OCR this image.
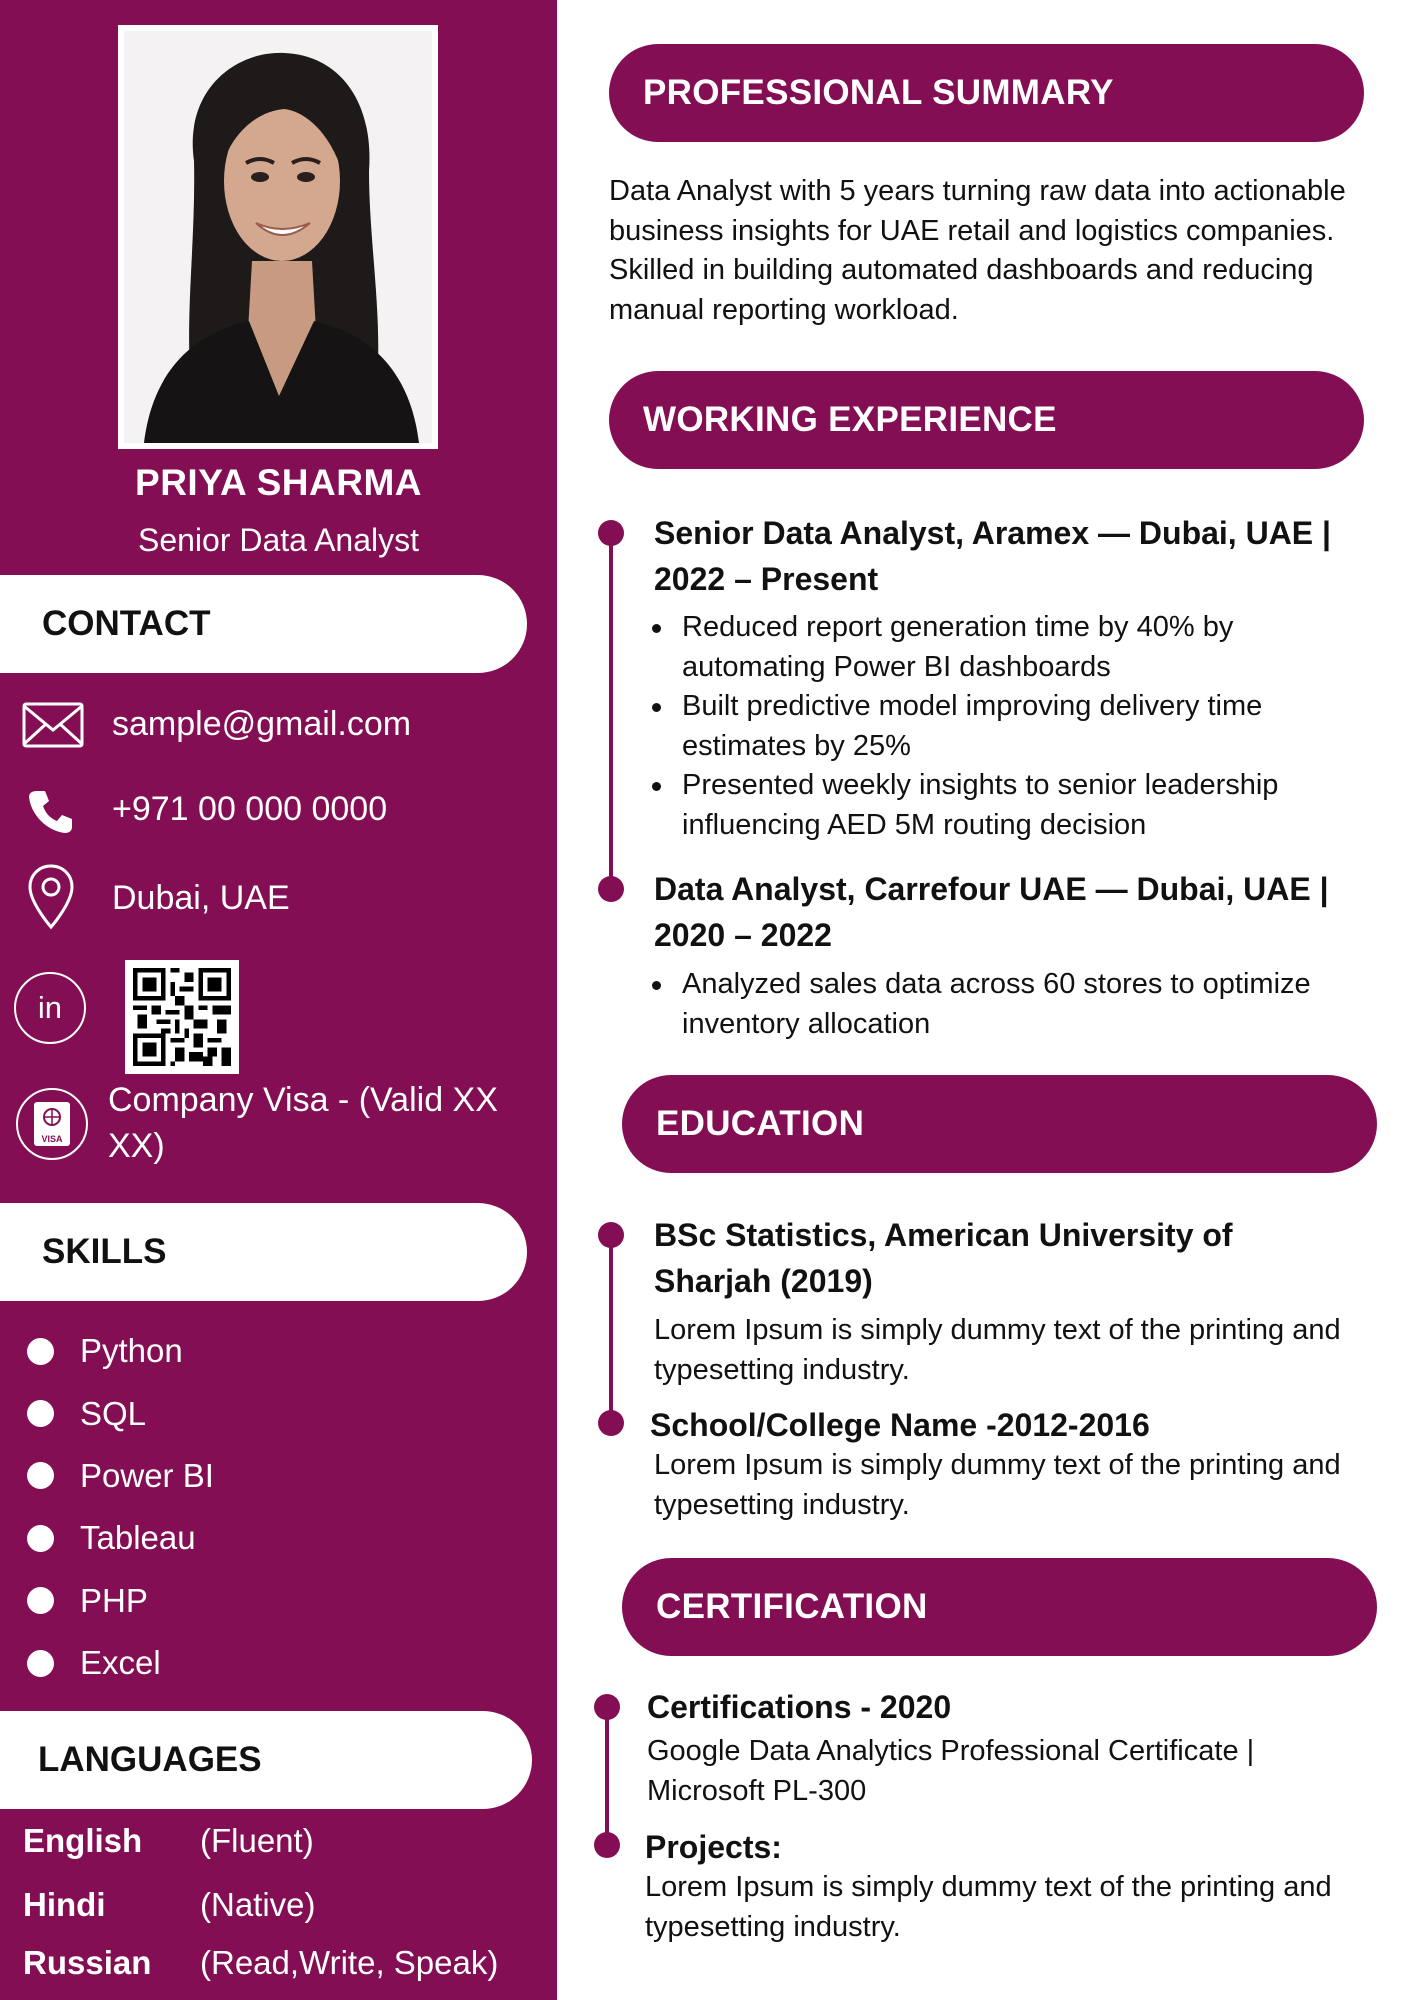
PRIYA SHARMA
Senior Data Analyst
CONTACT
sample@gmail.com
+971 00 000 0000
Dubai, UAE
in
VISA
Company Visa - (Valid XX XX)
SKILLS
Python
SQL
Power BI
Tableau
PHP
Excel
LANGUAGES
English	(Fluent)
Hindi	(Native)
Russian	(Read,Write, Speak)
PROFESSIONAL SUMMARY

Data Analyst with 5 years turning raw data into actionable business insights for UAE retail and logistics companies. Skilled in building automated dashboards and reducing manual reporting workload.

WORKING EXPERIENCE
Senior Data Analyst, Aramex — Dubai, UAE | 2022 – Present
Reduced report generation time by 40% by automating Power BI dashboards
Built predictive model improving delivery time estimates by 25%
Presented weekly insights to senior leadership influencing AED 5M routing decision
Data Analyst, Carrefour UAE — Dubai, UAE | 2020 – 2022
Analyzed sales data across 60 stores to optimize inventory allocation
EDUCATION
BSc Statistics, American University of Sharjah (2019)

Lorem Ipsum is simply dummy text of the printing and typesetting industry.

School/College Name -2012-2016

Lorem Ipsum is simply dummy text of the printing and typesetting industry.

CERTIFICATION
Certifications - 2020

Google Data Analytics Professional Certificate | Microsoft PL-300

Projects:

Lorem Ipsum is simply dummy text of the printing and typesetting industry.
